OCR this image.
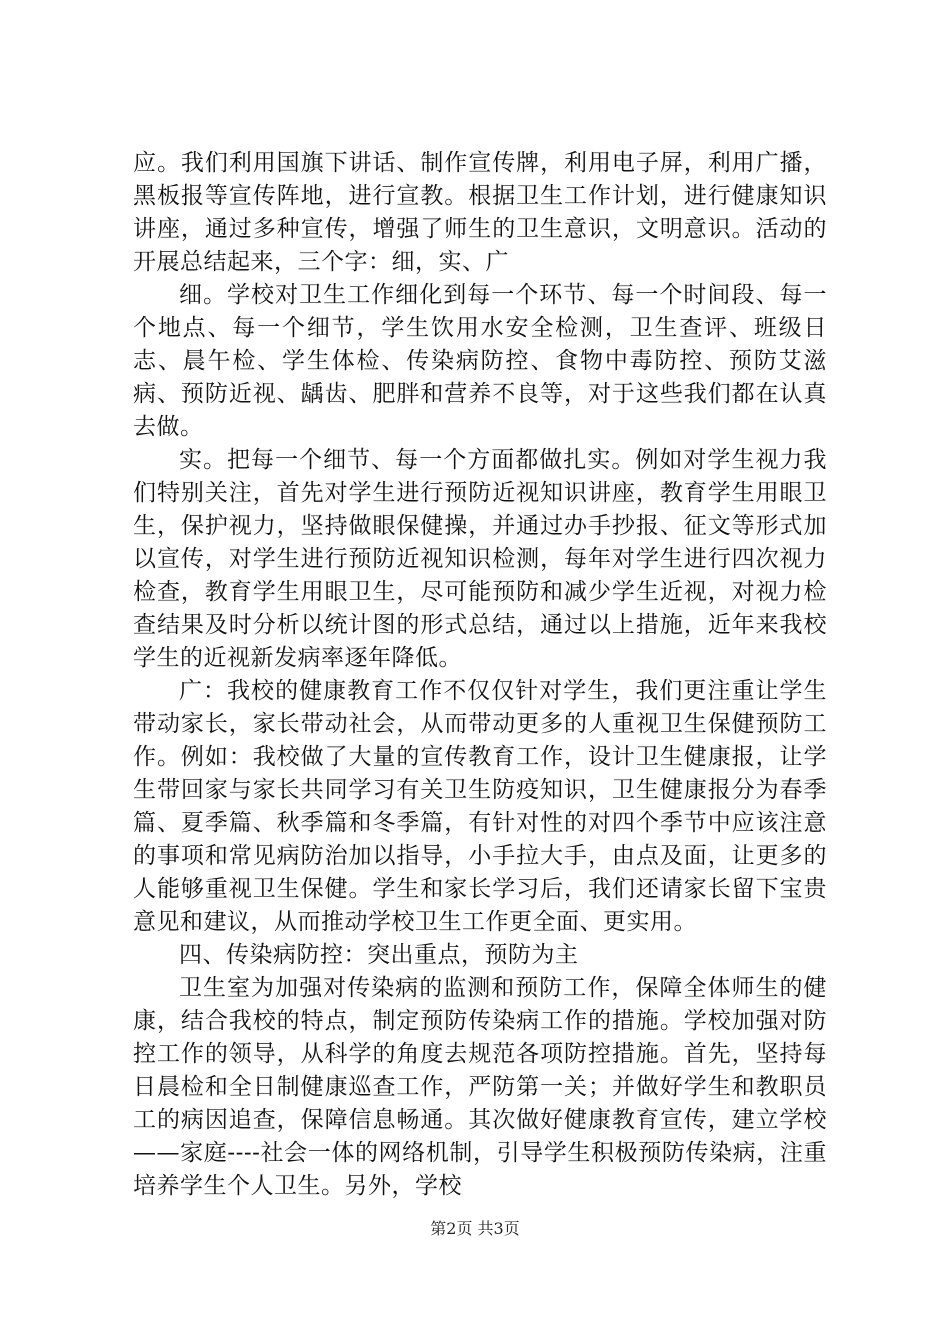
应。我们利用国旗下讲话、制作宣传牌，利用电子屏，利用广播，黑板报等宣传阵地，进行宣教。根据卫生工作计划，进行健康知识讲座，通过多种宣传，增强了师生的卫生意识，文明意识。活动的开展总结起来，三个字：细，实、广

细。学校对卫生工作细化到每一个环节、每一个时间段、每一个地点、每一个细节，学生饮用水安全检测，卫生查评、班级日志、晨午检、学生体检、传染病防控、食物中毒防控、预防艾滋病、预防近视、龋齿、肥胖和营养不良等，对于这些我们都在认真去做。

实。把每一个细节、每一个方面都做扎实。例如对学生视力我们特别关注，首先对学生进行预防近视知识讲座，教育学生用眼卫生，保护视力，坚持做眼保健操，并通过办手抄报、征文等形式加以宣传，对学生进行预防近视知识检测，每年对学生进行四次视力检查，教育学生用眼卫生，尽可能预防和减少学生近视，对视力检查结果及时分析以统计图的形式总结，通过以上措施，近年来我校学生的近视新发病率逐年降低。

广：我校的健康教育工作不仅仅针对学生，我们更注重让学生带动家长，家长带动社会，从而带动更多的人重视卫生保健预防工作。例如：我校做了大量的宣传教育工作，设计卫生健康报，让学生带回家与家长共同学习有关卫生防疫知识，卫生健康报分为春季篇、夏季篇、秋季篇和冬季篇，有针对性的对四个季节中应该注意的事项和常见病防治加以指导，小手拉大手，由点及面，让更多的人能够重视卫生保健。学生和家长学习后，我们还请家长留下宝贵意见和建议，从而推动学校卫生工作更全面、更实用。

四、传染病防控：突出重点，预防为主

卫生室为加强对传染病的监测和预防工作，保障全体师生的健康，结合我校的特点，制定预防传染病工作的措施。学校加强对防控工作的领导，从科学的角度去规范各项防控措施。首先，坚持每日晨检和全日制健康巡查工作，严防第一关；并做好学生和教职员工的病因追查，保障信息畅通。其次做好健康教育宣传，建立学校——家庭----社会一体的网络机制，引导学生积极预防传染病，注重培养学生个人卫生。另外，学校

第2页 共3页
